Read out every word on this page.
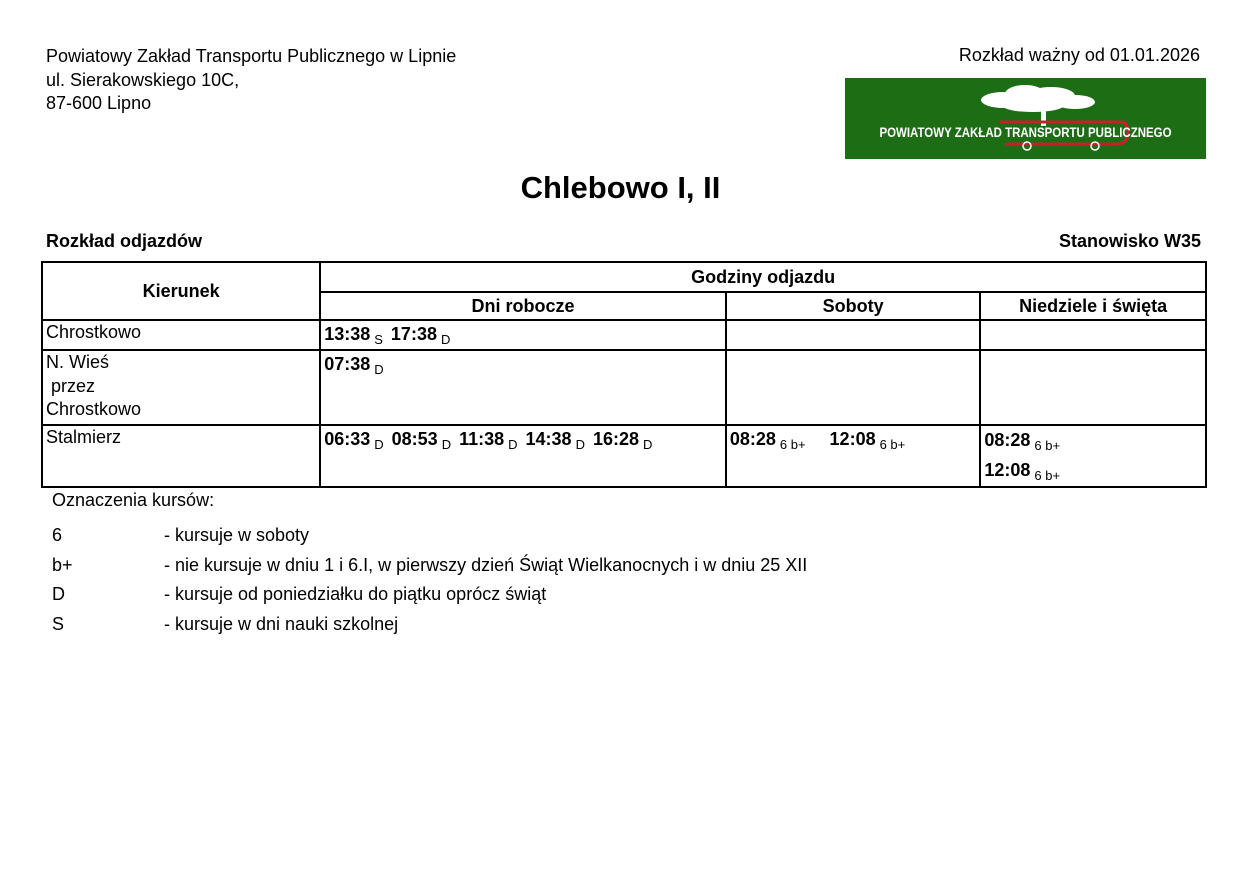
Powiatowy Zakład Transportu Publicznego w Lipnie
ul. Sierakowskiego 10C,
87-600 Lipno
Rozkład ważny od 01.01.2026
POWIATOWY ZAKŁAD TRANSPORTU PUBLICZNEGO
Chlebowo I, II
Rozkład odjazdów	Stanowisko W35
Kierunek	Godziny odjazdu		
	Dni robocze	Soboty	Niedziele i święta

Chrostkowo	13:38 $_S$ 17:38 $_D$		

N. Wieś
przez
Chrostkowo	07:38 $_D$		

Stalmierz	06:33 $_D$ 08:53 $_D$ 11:38 $_D$ 14:38 $_D$ 16:28 $_D$	08:28 $_{6 b+}$ 12:08 $_{6 b+}$	08:28 $_{6 b+}$
12:08 $_{6 b+}$
Oznaczenia kursów:
6	- kursuje w soboty
b+	- nie kursuje w dniu 1 i 6.I, w pierwszy dzień Świąt Wielkanocnych i w dniu 25 XII
D	- kursuje od poniedziałku do piątku oprócz świąt
S	- kursuje w dni nauki szkolnej
